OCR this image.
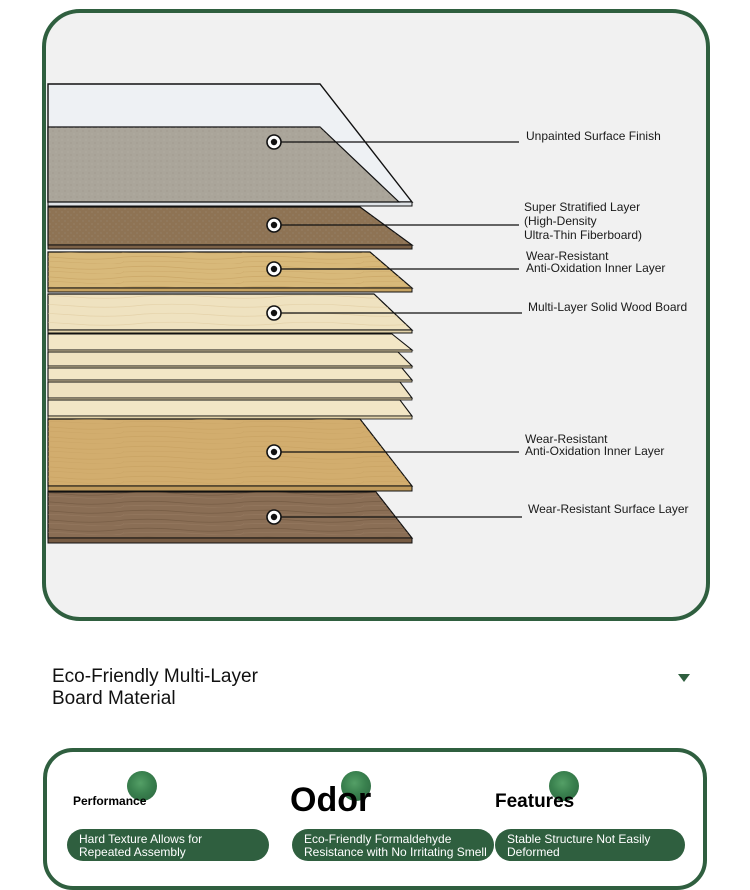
Unpainted Surface Finish
Super Stratified Layer
(High-Density
Ultra-Thin Fiberboard)
Wear-Resistant
Anti-Oxidation Inner Layer
Multi-Layer Solid Wood Board
Wear-Resistant
Anti-Oxidation Inner Layer
Wear-Resistant Surface Layer
Eco-Friendly Multi-Layer
Board Material
Performance
Hard Texture Allows for
Repeated Assembly
Odor
Eco-Friendly Formaldehyde
Resistance with No Irritating Smell
Features
Stable Structure Not Easily
Deformed
